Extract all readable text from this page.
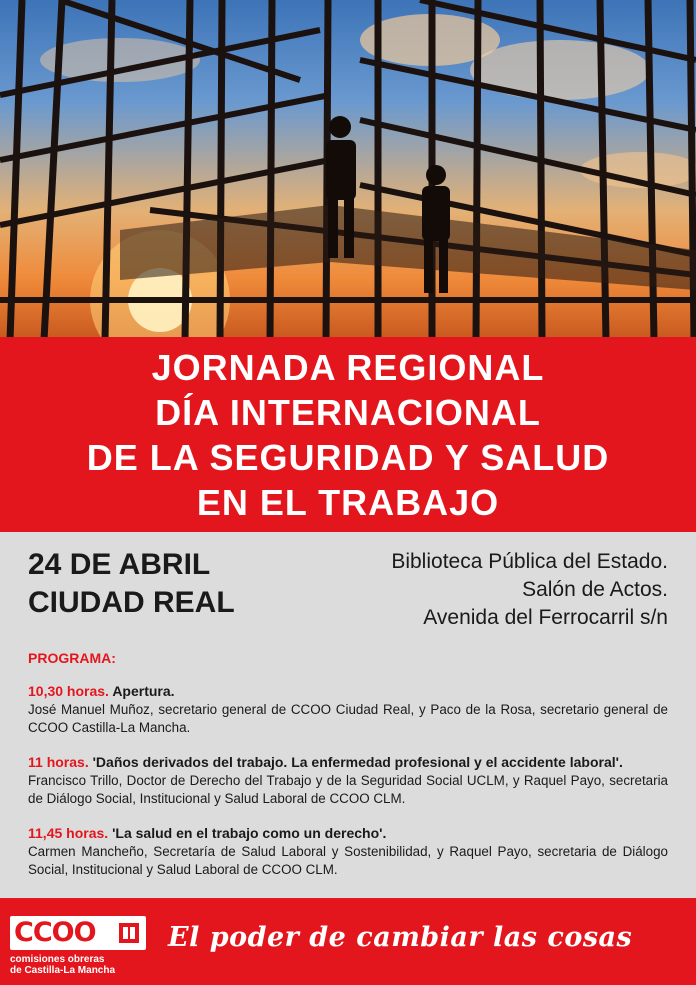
JORNADA REGIONAL
DÍA INTERNACIONAL
DE LA SEGURIDAD Y SALUD
EN EL TRABAJO
24 DE ABRIL
CIUDAD REAL
Biblioteca Pública del Estado.
Salón de Actos.
Avenida del Ferrocarril s/n
PROGRAMA:
10,30 horas. Apertura.
José Manuel Muñoz, secretario general de CCOO Ciudad Real, y Paco de la Rosa, secretario general de CCOO Castilla-La Mancha.
11 horas. 'Daños derivados del trabajo. La enfermedad profesional y el accidente laboral'.
Francisco Trillo, Doctor de Derecho del Trabajo y de la Seguridad Social UCLM, y Raquel Payo, secretaria de Diálogo Social, Institucional y Salud Laboral de CCOO CLM.
11,45 horas. 'La salud en el trabajo como un derecho'.
Carmen Mancheño, Secretaría de Salud Laboral y Sostenibilidad, y Raquel Payo, secretaria de Diálogo Social, Institucional y Salud Laboral de CCOO CLM.
CCOO
comisiones obreras
de Castilla-La Mancha
El poder de cambiar las cosas
